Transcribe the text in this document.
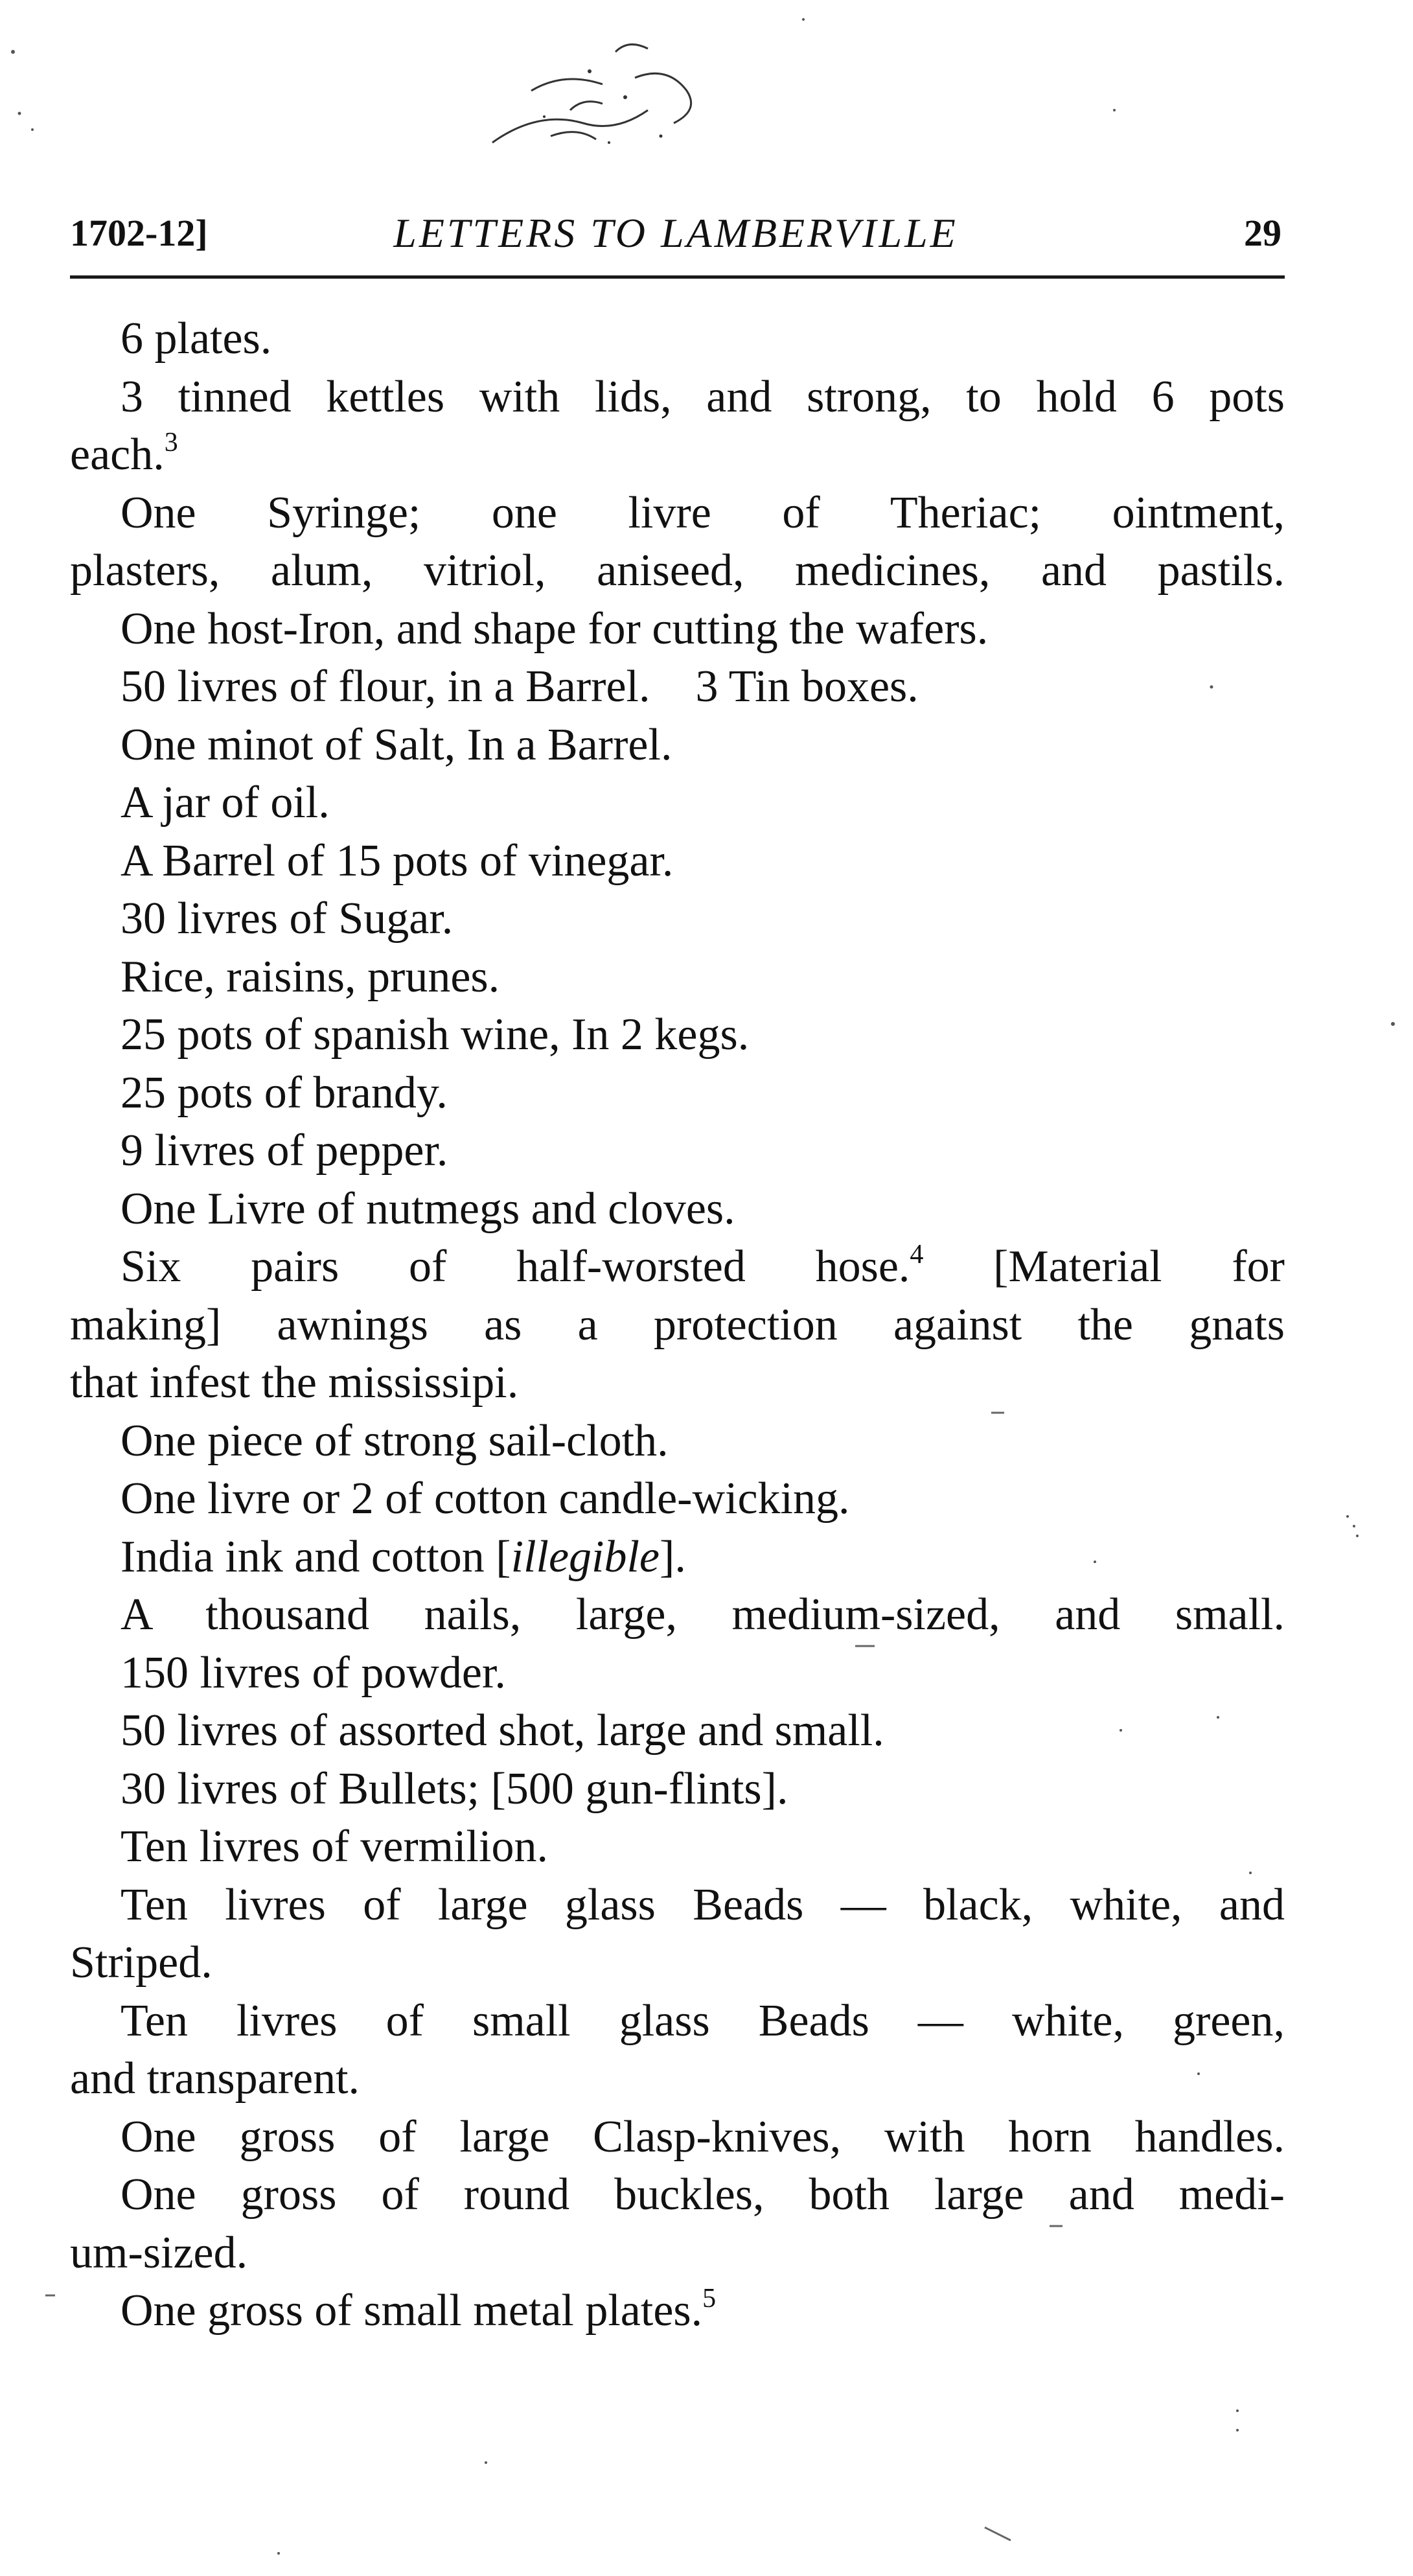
1702-12]	LETTERS TO LAMBERVILLE	29
6 plates.
3 tinned kettles with lids, and strong, to hold 6 pots
each.$^3$
One Syringe; one livre of Theriac; ointment,
plasters, alum, vitriol, aniseed, medicines, and pastils.
One host-Iron, and shape for cutting the wafers.
50 livres of flour, in a Barrel.    3 Tin boxes.
One minot of Salt, In a Barrel.
A jar of oil.
A Barrel of 15 pots of vinegar.
30 livres of Sugar.
Rice, raisins, prunes.
25 pots of spanish wine, In 2 kegs.
25 pots of brandy.
9 livres of pepper.
One Livre of nutmegs and cloves.
Six pairs of half-worsted hose.$^4$ [Material for
making] awnings as a protection against the gnats
that infest the mississipi.
One piece of strong sail-cloth.
One livre or 2 of cotton candle-wicking.
India ink and cotton [illegible].
A thousand nails, large, medium-sized, and small.
150 livres of powder.
50 livres of assorted shot, large and small.
30 livres of Bullets; [500 gun-flints].
Ten livres of vermilion.
Ten livres of large glass Beads — black, white, and
Striped.
Ten livres of small glass Beads — white, green,
and transparent.
One gross of large Clasp-knives, with horn handles.
One gross of round buckles, both large and medi-
um-sized.
One gross of small metal plates.$^5$
